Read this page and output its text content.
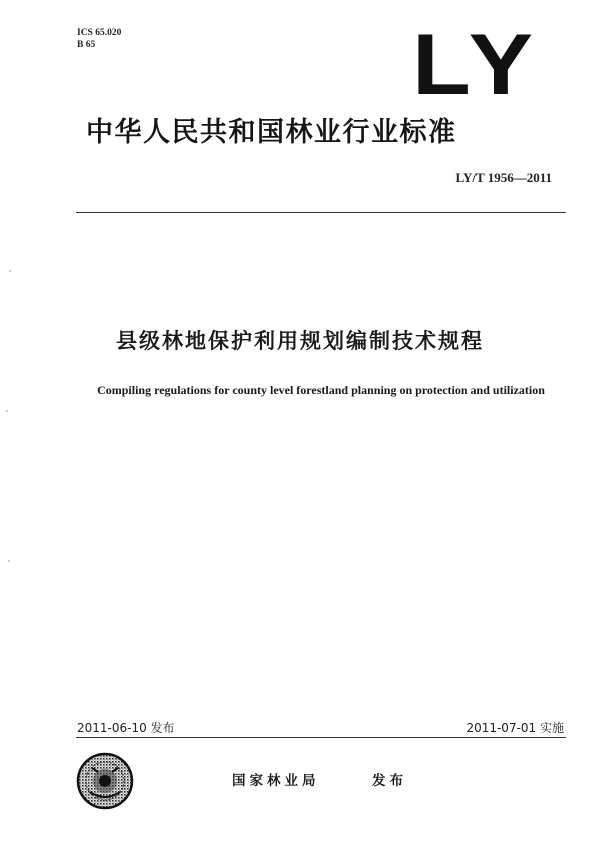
ICS 65.020
B 65	LY
中华人民共和国林业行业标准
LY/T 1956—2011
县级林地保护利用规划编制技术规程
Compiling regulations for county level forestland planning on protection and utilization
2011-06-10 发布	2011-07-01 实施
国家林业局	发布
